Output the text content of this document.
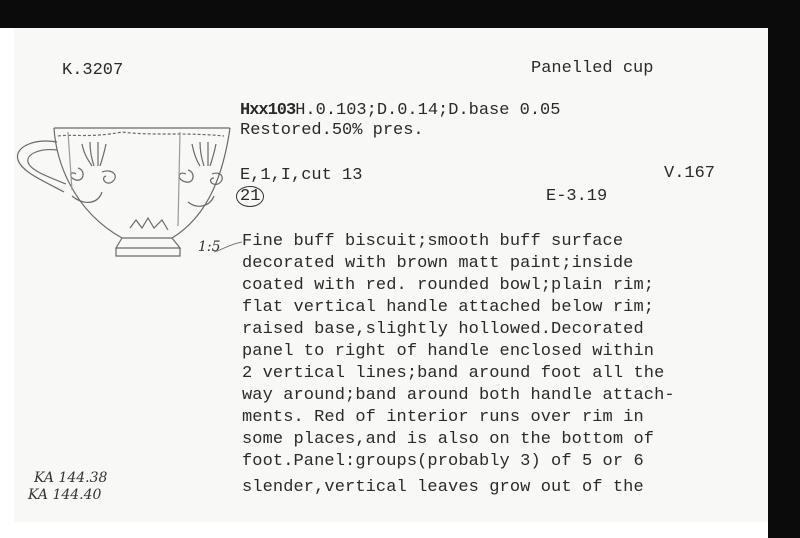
K.3207	Panelled cup
Hxx103H.0.103;D.0.14;D.base 0.05
Restored.50% pres.
E,1,I,cut 13	V.167
21	E-3.19
1:5 Fine buff biscuit;smooth buff surface
decorated with brown matt paint;inside
coated with red. rounded bowl;plain rim;
flat vertical handle attached below rim;
raised base,slightly hollowed.Decorated
panel to right of handle enclosed within
2 vertical lines;band around foot all the
way around;band around both handle attach-
ments. Red of interior runs over rim in
some places,and is also on the bottom of
foot.Panel:groups(probably 3) of 5 or 6
slender,vertical leaves grow out of the
KA 144.38
KA 144.40
